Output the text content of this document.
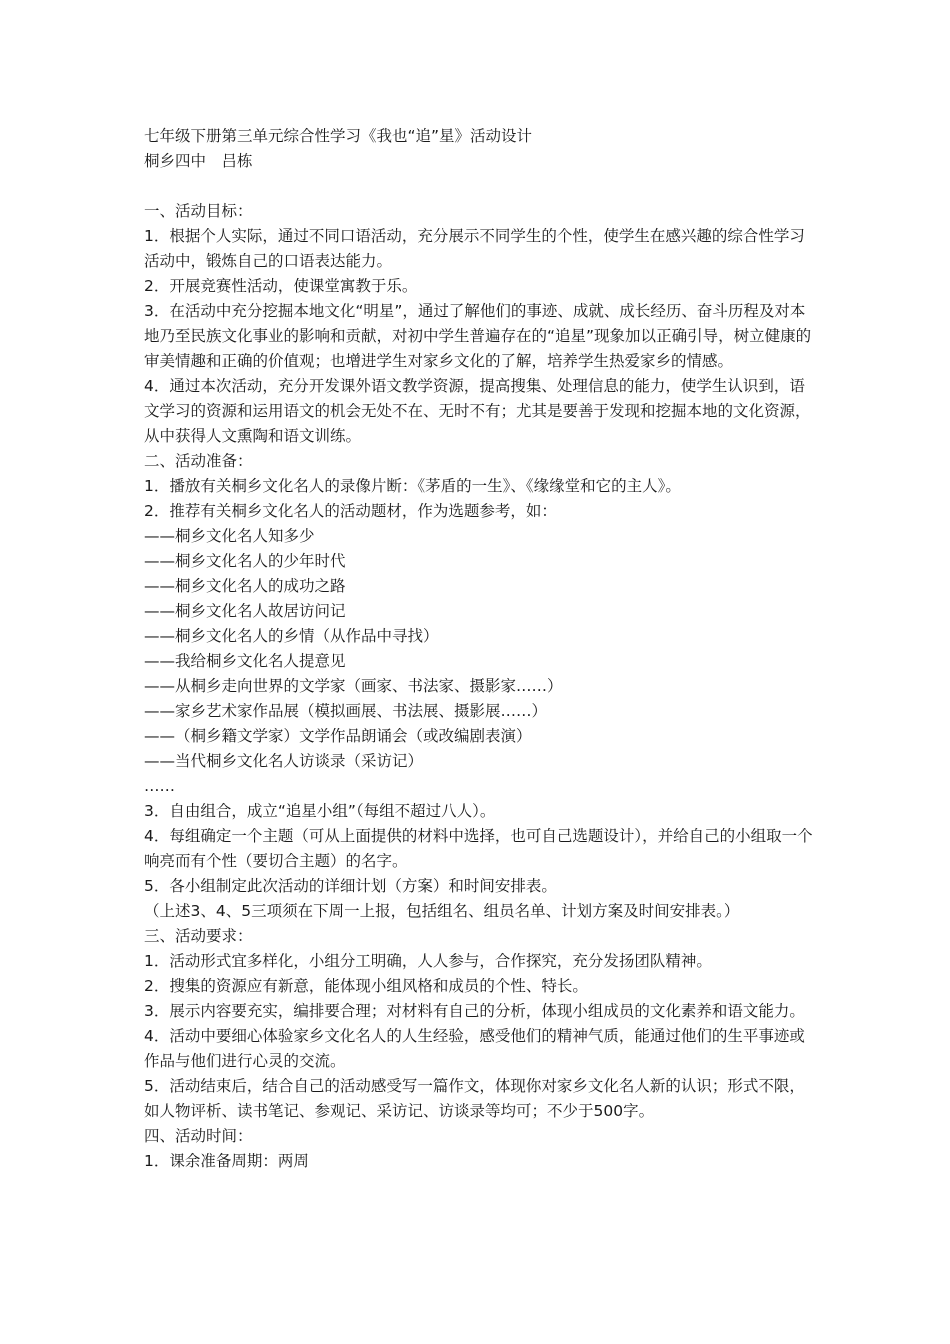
七年级下册第三单元综合性学习《我也“追”星》活动设计

桐乡四中　吕栋

一、活动目标：

1．根据个人实际，通过不同口语活动，充分展示不同学生的个性，使学生在感兴趣的综合性学习活动中，锻炼自己的口语表达能力。

2．开展竞赛性活动，使课堂寓教于乐。

3．在活动中充分挖掘本地文化“明星”，通过了解他们的事迹、成就、成长经历、奋斗历程及对本地乃至民族文化事业的影响和贡献，对初中学生普遍存在的“追星”现象加以正确引导，树立健康的审美情趣和正确的价值观；也增进学生对家乡文化的了解，培养学生热爱家乡的情感。

4．通过本次活动，充分开发课外语文教学资源，提高搜集、处理信息的能力，使学生认识到，语文学习的资源和运用语文的机会无处不在、无时不有；尤其是要善于发现和挖掘本地的文化资源，从中获得人文熏陶和语文训练。

二、活动准备：

1．播放有关桐乡文化名人的录像片断：《茅盾的一生》、《缘缘堂和它的主人》。

2．推荐有关桐乡文化名人的活动题材，作为选题参考，如：

——桐乡文化名人知多少

——桐乡文化名人的少年时代

——桐乡文化名人的成功之路

——桐乡文化名人故居访问记

——桐乡文化名人的乡情（从作品中寻找）

——我给桐乡文化名人提意见

——从桐乡走向世界的文学家（画家、书法家、摄影家……）

——家乡艺术家作品展（模拟画展、书法展、摄影展……）

——（桐乡籍文学家）文学作品朗诵会（或改编剧表演）

——当代桐乡文化名人访谈录（采访记）

……

3．自由组合，成立“追星小组”（每组不超过八人）。

4．每组确定一个主题（可从上面提供的材料中选择，也可自己选题设计），并给自己的小组取一个响亮而有个性（要切合主题）的名字。

5．各小组制定此次活动的详细计划（方案）和时间安排表。

（上述3、4、5三项须在下周一上报，包括组名、组员名单、计划方案及时间安排表。）

三、活动要求：

1．活动形式宜多样化，小组分工明确，人人参与，合作探究，充分发扬团队精神。

2．搜集的资源应有新意，能体现小组风格和成员的个性、特长。

3．展示内容要充实，编排要合理；对材料有自己的分析，体现小组成员的文化素养和语文能力。

4．活动中要细心体验家乡文化名人的人生经验，感受他们的精神气质，能通过他们的生平事迹或作品与他们进行心灵的交流。

5．活动结束后，结合自己的活动感受写一篇作文，体现你对家乡文化名人新的认识；形式不限，如人物评析、读书笔记、参观记、采访记、访谈录等均可；不少于500字。

四、活动时间：

1．课余准备周期：两周
